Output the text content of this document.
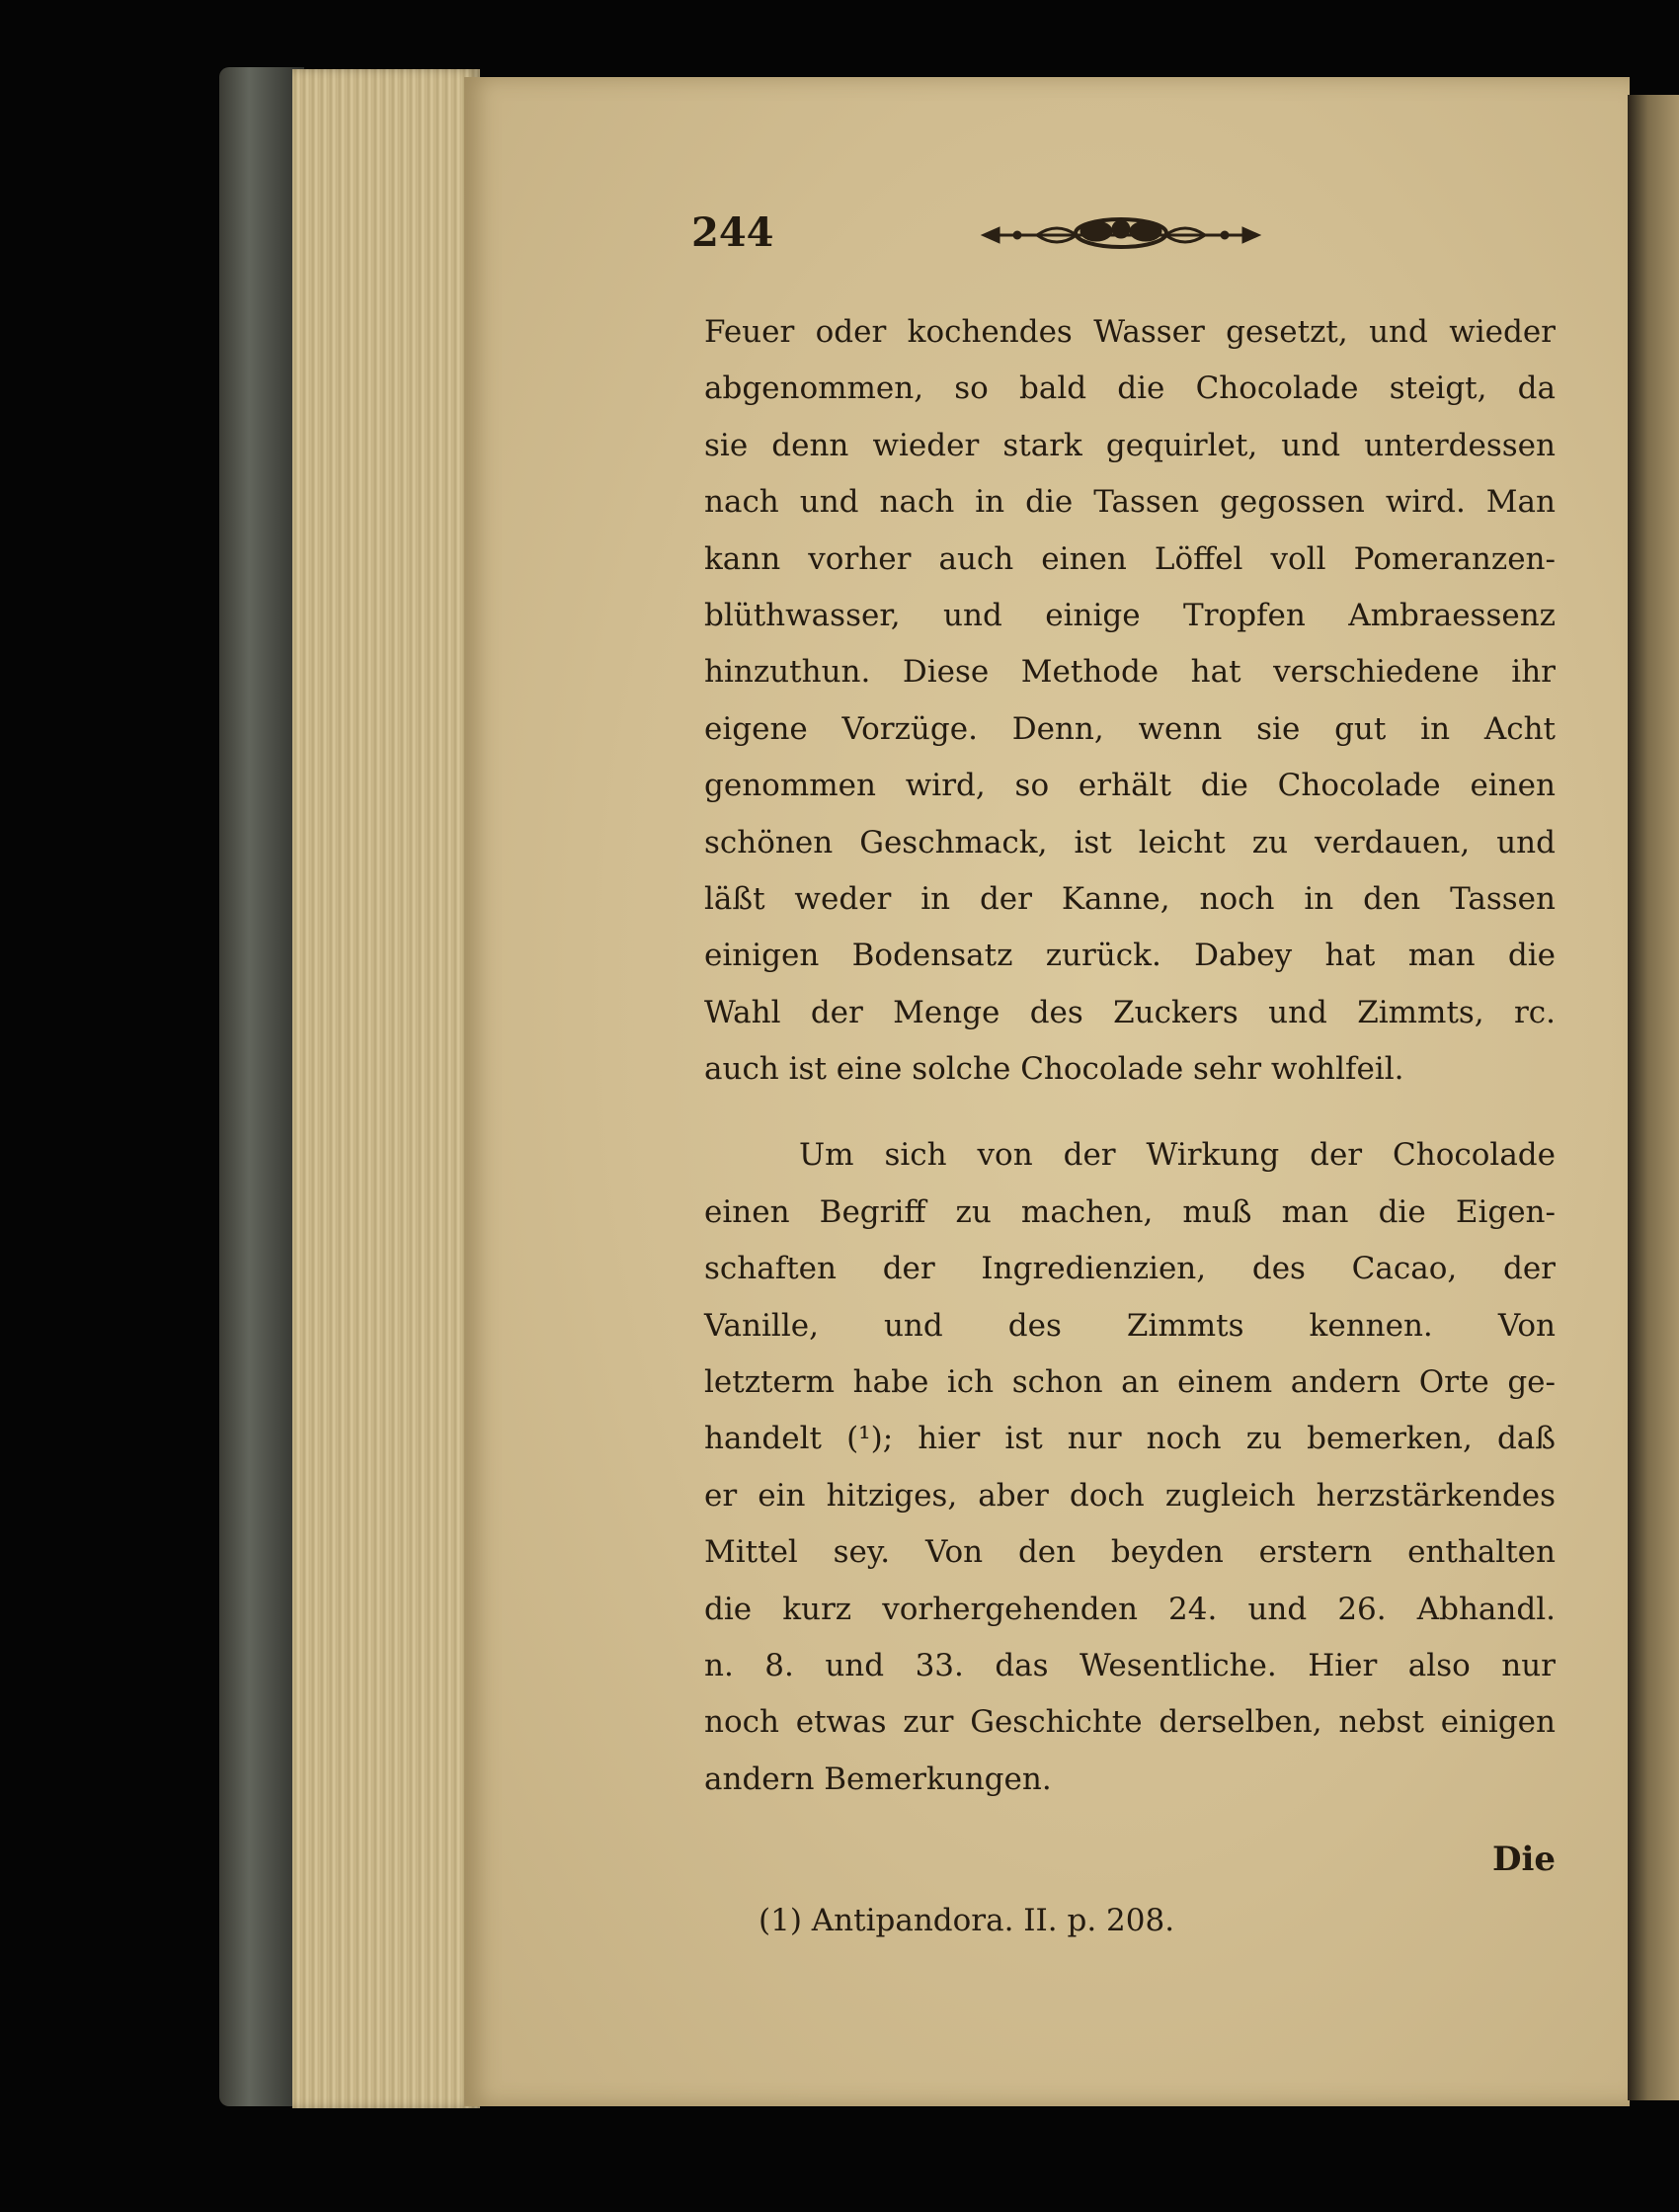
244
Feuer oder kochendes Wasser gesetzt, und wieder
abgenommen, so bald die Chocolade steigt, da
sie denn wieder stark gequirlet, und unterdessen
nach und nach in die Tassen gegossen wird. Man
kann vorher auch einen Löffel voll Pomeranzen-
blüthwasser, und einige Tropfen Ambraessenz
hinzuthun. Diese Methode hat verschiedene ihr
eigene Vorzüge. Denn, wenn sie gut in Acht
genommen wird, so erhält die Chocolade einen
schönen Geschmack, ist leicht zu verdauen, und
läßt weder in der Kanne, noch in den Tassen
einigen Bodensatz zurück. Dabey hat man die
Wahl der Menge des Zuckers und Zimmts, rc.
auch ist eine solche Chocolade sehr wohlfeil.
Um sich von der Wirkung der Chocolade
einen Begriff zu machen, muß man die Eigen-
schaften der Ingredienzien, des Cacao, der
Vanille, und des Zimmts kennen. Von
letzterm habe ich schon an einem andern Orte ge-
handelt (¹); hier ist nur noch zu bemerken, daß
er ein hitziges, aber doch zugleich herzstärkendes
Mittel sey. Von den beyden erstern enthalten
die kurz vorhergehenden 24. und 26. Abhandl.
n. 8. und 33. das Wesentliche. Hier also nur
noch etwas zur Geschichte derselben, nebst einigen
andern Bemerkungen.
Die
(1) Antipandora. II. p. 208.
